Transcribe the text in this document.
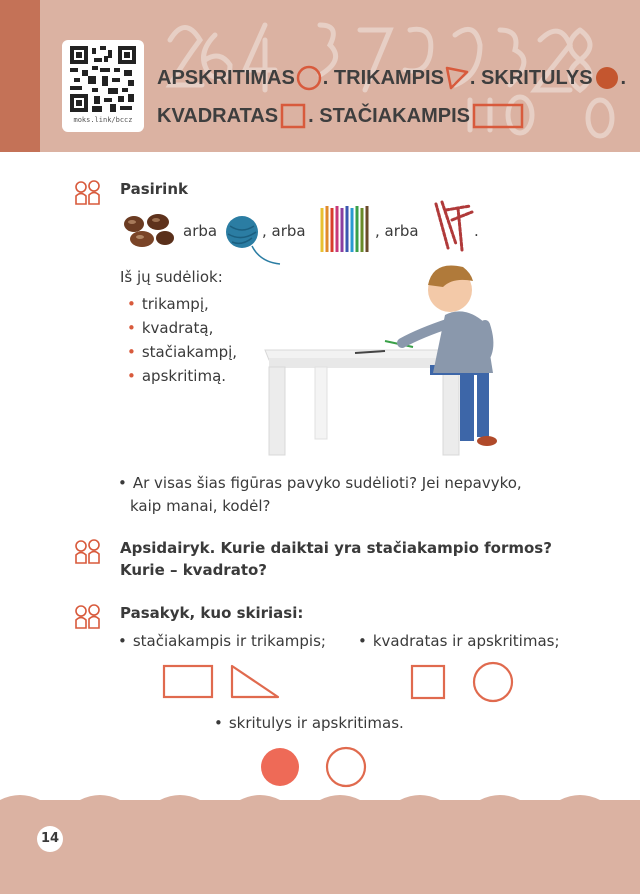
moks.link/bccz
APSKRITIMAS . TRIKAMPIS . SKRITULYS .
KVADRATAS . STAČIAKAMPIS
Pasirink
arba	, arba	, arba	.
Iš jų sudėliok:
• trikampį,
• kvadratą,
• stačiakampį,
• apskritimą.
• Ar visas šias figūras pavyko sudėlioti? Jei nepavyko,
kaip manai, kodėl?
Apsidairyk. Kurie daiktai yra stačiakampio formos?
Kurie – kvadrato?
Pasakyk, kuo skiriasi:
• stačiakampis ir trikampis; • kvadratas ir apskritimas;
• skritulys ir apskritimas.
14
